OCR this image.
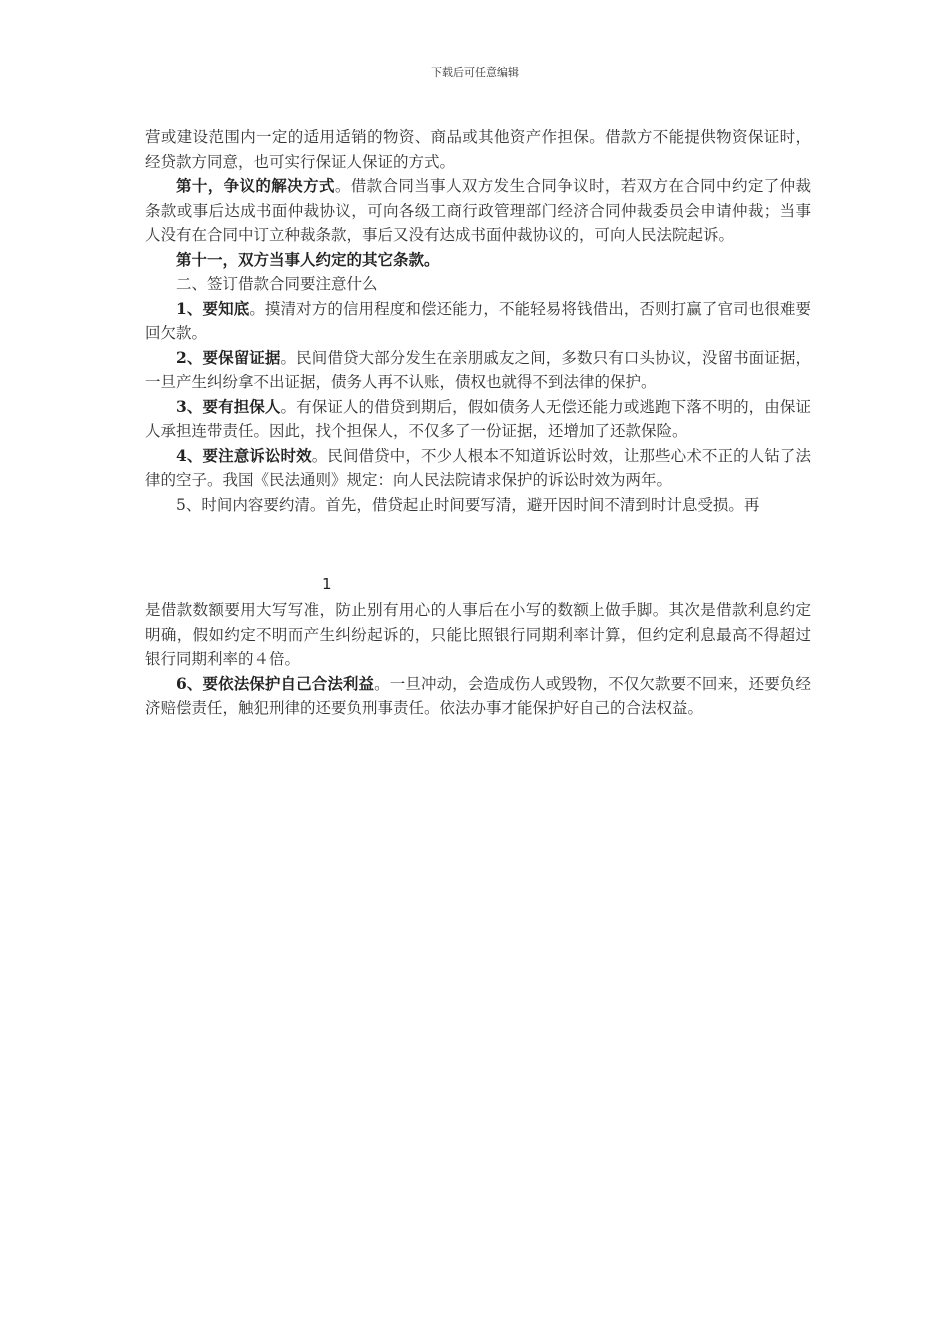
下载后可任意编辑

营或建设范围内一定的适用适销的物资、商品或其他资产作担保。借款方不能提供物资保证时，经贷款方同意，也可实行保证人保证的方式。

第十，争议的解决方式。借款合同当事人双方发生合同争议时，若双方在合同中约定了仲裁条款或事后达成书面仲裁协议，可向各级工商行政管理部门经济合同仲裁委员会申请仲裁；当事人没有在合同中订立种裁条款，事后又没有达成书面仲裁协议的，可向人民法院起诉。

第十一，双方当事人约定的其它条款。

二、签订借款合同要注意什么

1、要知底。摸清对方的信用程度和偿还能力，不能轻易将钱借出，否则打赢了官司也很难要回欠款。

2、要保留证据。民间借贷大部分发生在亲朋戚友之间，多数只有口头协议，没留书面证据，一旦产生纠纷拿不出证据，债务人再不认账，债权也就得不到法律的保护。

3、要有担保人。有保证人的借贷到期后，假如债务人无偿还能力或逃跑下落不明的，由保证人承担连带责任。因此，找个担保人，不仅多了一份证据，还增加了还款保险。

4、要注意诉讼时效。民间借贷中，不少人根本不知道诉讼时效，让那些心术不正的人钻了法律的空子。我国《民法通则》规定：向人民法院请求保护的诉讼时效为两年。

5、时间内容要约清。首先，借贷起止时间要写清，避开因时间不清到时计息受损。再

1

是借款数额要用大写写准，防止别有用心的人事后在小写的数额上做手脚。其次是借款利息约定明确，假如约定不明而产生纠纷起诉的，只能比照银行同期利率计算，但约定利息最高不得超过银行同期利率的４倍。

6、要依法保护自己合法利益。一旦冲动，会造成伤人或毁物，不仅欠款要不回来，还要负经济赔偿责任，触犯刑律的还要负刑事责任。依法办事才能保护好自己的合法权益。
